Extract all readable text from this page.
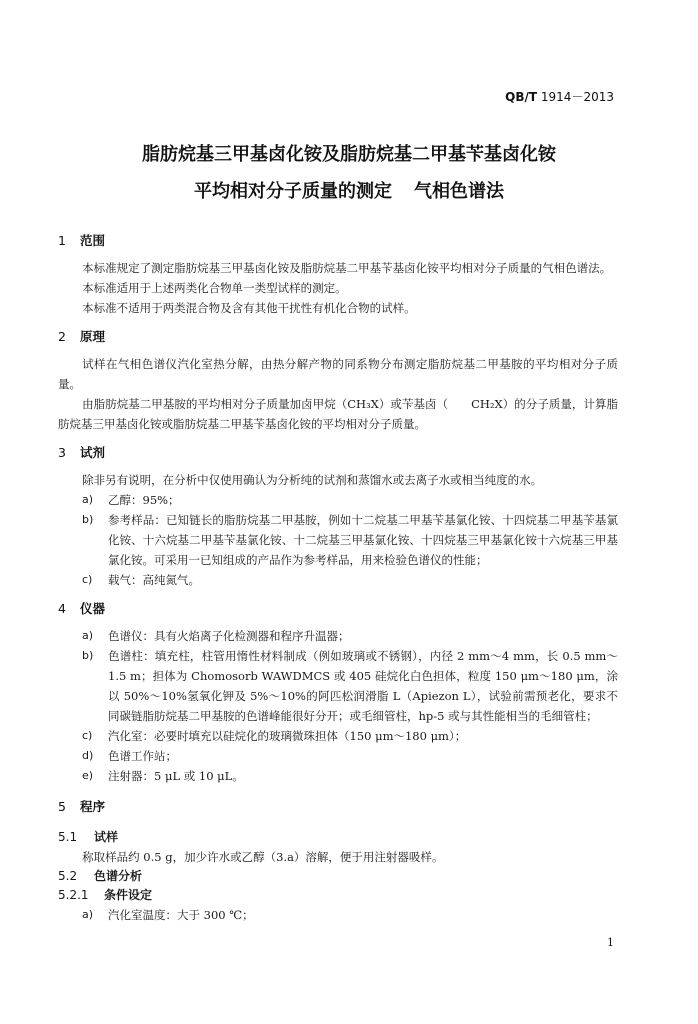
QB/T 1914－2013
脂肪烷基三甲基卤化铵及脂肪烷基二甲基苄基卤化铵
平均相对分子质量的测定 气相色谱法
1 范围
本标准规定了测定脂肪烷基三甲基卤化铵及脂肪烷基二甲基苄基卤化铵平均相对分子质量的气相色谱法。
本标准适用于上述两类化合物单一类型试样的测定。
本标准不适用于两类混合物及含有其他干扰性有机化合物的试样。
2 原理
试样在气相色谱仪汽化室热分解，由热分解产物的同系物分布测定脂肪烷基二甲基胺的平均相对分子质量。
由脂肪烷基二甲基胺的平均相对分子质量加卤甲烷（CH₃X）或苄基卤（　　CH₂X）的分子质量，计算脂肪烷基三甲基卤化铵或脂肪烷基二甲基苄基卤化铵的平均相对分子质量。
3 试剂
除非另有说明，在分析中仅使用确认为分析纯的试剂和蒸馏水或去离子水或相当纯度的水。
a) 乙醇：95%；
b) 参考样品：已知链长的脂肪烷基二甲基胺，例如十二烷基二甲基苄基氯化铵、十四烷基二甲基苄基氯化铵、十六烷基二甲基苄基氯化铵、十二烷基三甲基氯化铵、十四烷基三甲基氯化铵十六烷基三甲基氯化铵。可采用一已知组成的产品作为参考样品，用来检验色谱仪的性能；
c) 载气：高纯氮气。
4 仪器
a) 色谱仪：具有火焰离子化检测器和程序升温器；
b) 色谱柱：填充柱，柱管用惰性材料制成（例如玻璃或不锈钢），内径 2 mm～4 mm，长 0.5 mm～1.5 m；担体为 Chomosorb WAWDMCS 或 405 硅烷化白色担体，粒度 150 μm～180 μm，涂以 50%～10%氢氧化钾及 5%～10%的阿匹松润滑脂 L（Apiezon L），试验前需预老化，要求不同碳链脂肪烷基二甲基胺的色谱峰能很好分开；或毛细管柱，hp-5 或与其性能相当的毛细管柱；
c) 汽化室：必要时填充以硅烷化的玻璃微珠担体（150 μm～180 μm）；
d) 色谱工作站；
e) 注射器：5 μL 或 10 μL。
5 程序
5.1 试样
称取样品约 0.5 g，加少许水或乙醇（3.a）溶解，便于用注射器吸样。
5.2 色谱分析
5.2.1 条件设定
a) 汽化室温度：大于 300 ℃；
1
